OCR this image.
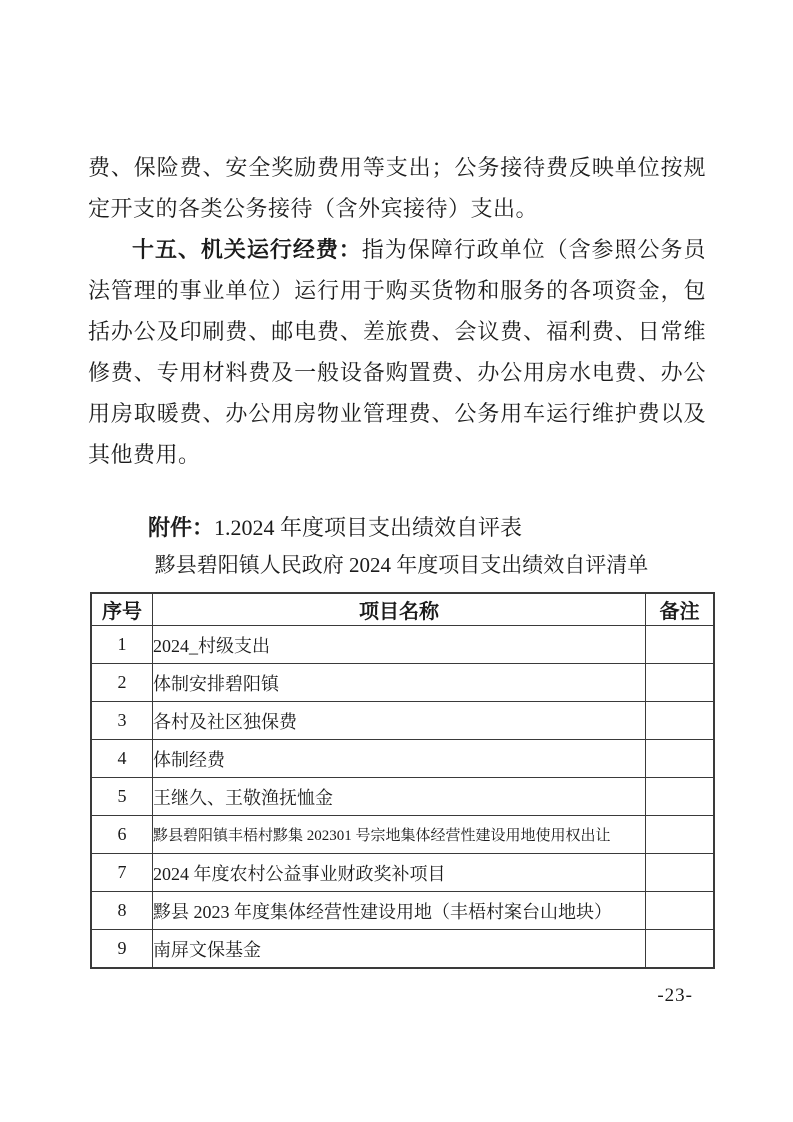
费、保险费、安全奖励费用等支出；公务接待费反映单位按规定开支的各类公务接待（含外宾接待）支出。

十五、机关运行经费：指为保障行政单位（含参照公务员法管理的事业单位）运行用于购买货物和服务的各项资金，包括办公及印刷费、邮电费、差旅费、会议费、福利费、日常维修费、专用材料费及一般设备购置费、办公用房水电费、办公用房取暖费、办公用房物业管理费、公务用车运行维护费以及其他费用。

附件：1.2024 年度项目支出绩效自评表

黟县碧阳镇人民政府 2024 年度项目支出绩效自评清单
序号	项目名称	备注
1	2024_村级支出	
2	体制安排碧阳镇	
3	各村及社区独保费	
4	体制经费	
5	王继久、王敬渔抚恤金	
6	黟县碧阳镇丰梧村黟集 202301 号宗地集体经营性建设用地使用权出让	
7	2024 年度农村公益事业财政奖补项目	
8	黟县 2023 年度集体经营性建设用地（丰梧村案台山地块）	
9	南屏文保基金	
-23-
